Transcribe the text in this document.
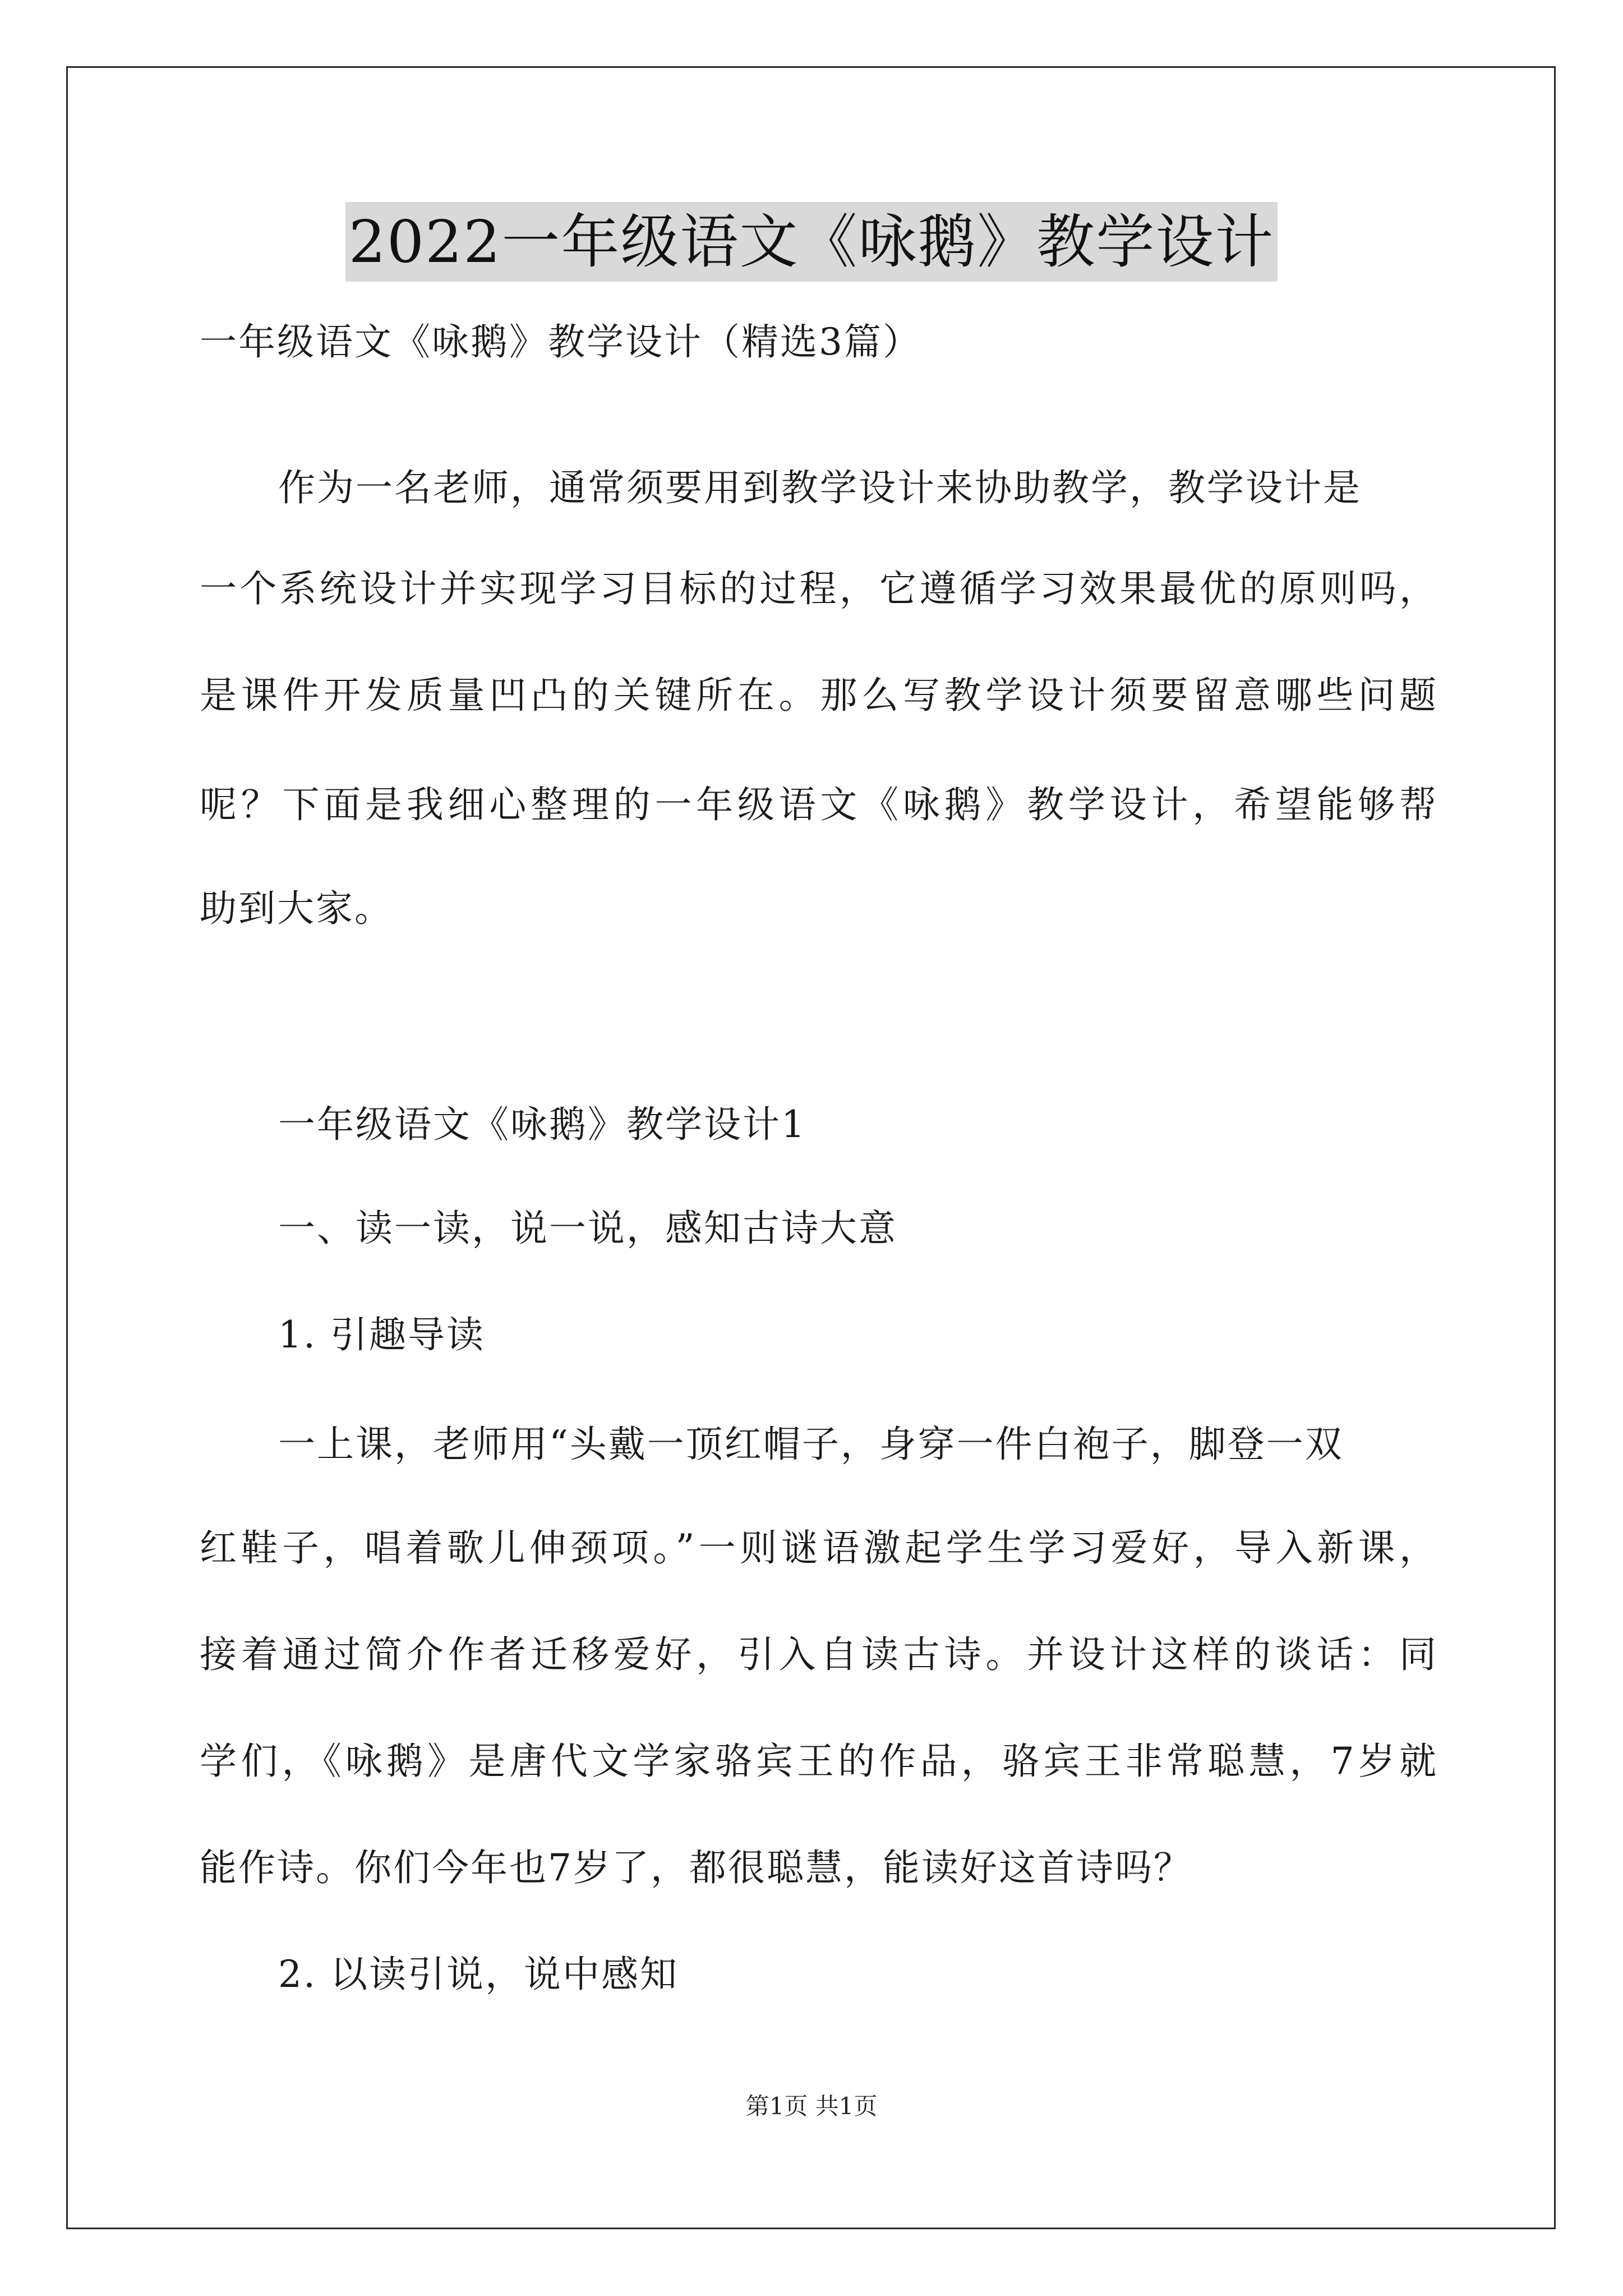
2022一年级语文《咏鹅》教学设计
一年级语文《咏鹅》教学设计（精选3篇）
作为一名老师，通常须要用到教学设计来协助教学，教学设计是
一个系统设计并实现学习目标的过程，它遵循学习效果最优的原则吗，
是课件开发质量凹凸的关键所在。那么写教学设计须要留意哪些问题
呢？下面是我细心整理的一年级语文《咏鹅》教学设计，希望能够帮
助到大家。
一年级语文《咏鹅》教学设计1
一、读一读，说一说，感知古诗大意
1. 引趣导读
一上课，老师用“头戴一顶红帽子，身穿一件白袍子，脚登一双
红鞋子，唱着歌儿伸颈项。”一则谜语激起学生学习爱好，导入新课，
接着通过简介作者迁移爱好，引入自读古诗。并设计这样的谈话：同
学们，《咏鹅》是唐代文学家骆宾王的作品，骆宾王非常聪慧，7岁就
能作诗。你们今年也7岁了，都很聪慧，能读好这首诗吗？
2. 以读引说，说中感知
第1页 共1页
